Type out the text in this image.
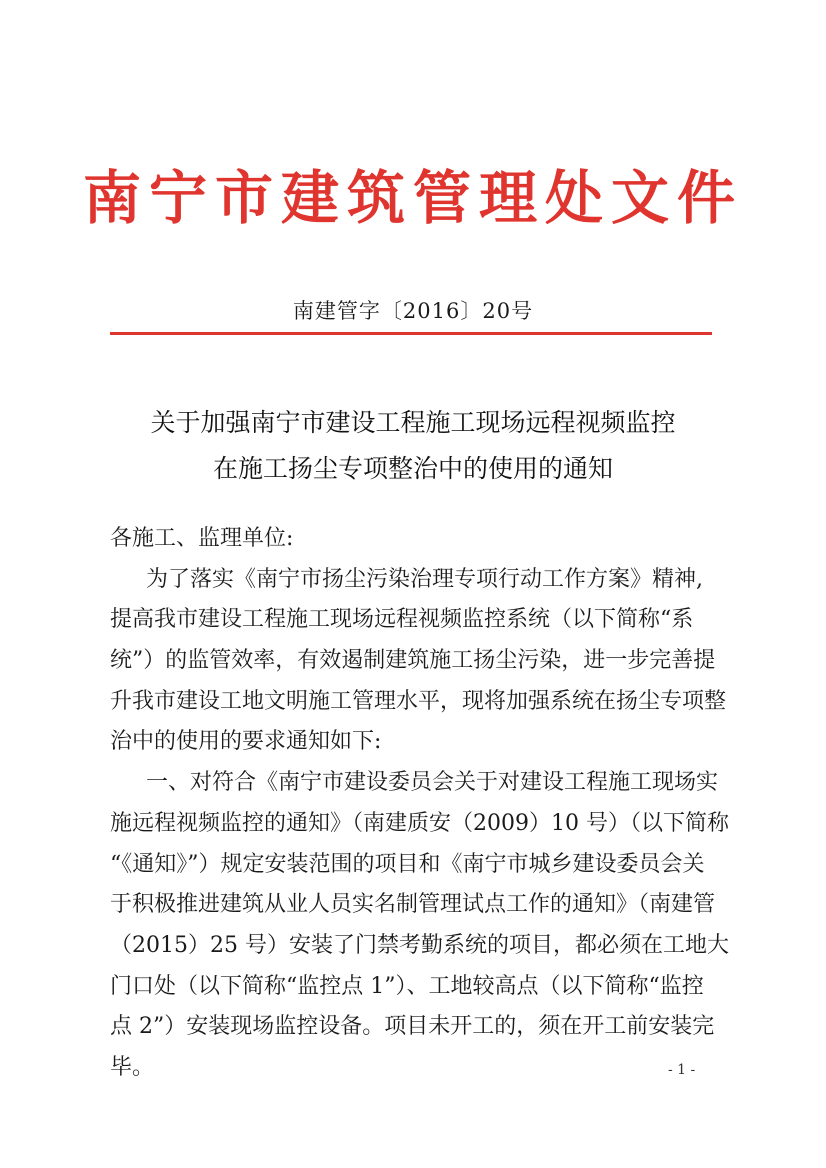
南宁市建筑管理处文件
南建管字〔2016〕20号
关于加强南宁市建设工程施工现场远程视频监控
在施工扬尘专项整治中的使用的通知
各施工、监理单位:
为了落实《南宁市扬尘污染治理专项行动工作方案》精神,
提高我市建设工程施工现场远程视频监控系统（以下简称“系
统”）的监管效率，有效遏制建筑施工扬尘污染，进一步完善提
升我市建设工地文明施工管理水平，现将加强系统在扬尘专项整
治中的使用的要求通知如下:
一、对符合《南宁市建设委员会关于对建设工程施工现场实
施远程视频监控的通知》（南建质安（2009）10 号）（以下简称
“《通知》”）规定安装范围的项目和《南宁市城乡建设委员会关
于积极推进建筑从业人员实名制管理试点工作的通知》（南建管
（2015）25 号）安装了门禁考勤系统的项目，都必须在工地大
门口处（以下简称“监控点 1”）、工地较高点（以下简称“监控
点 2”）安装现场监控设备。项目未开工的，须在开工前安装完
毕。	- 1 -
